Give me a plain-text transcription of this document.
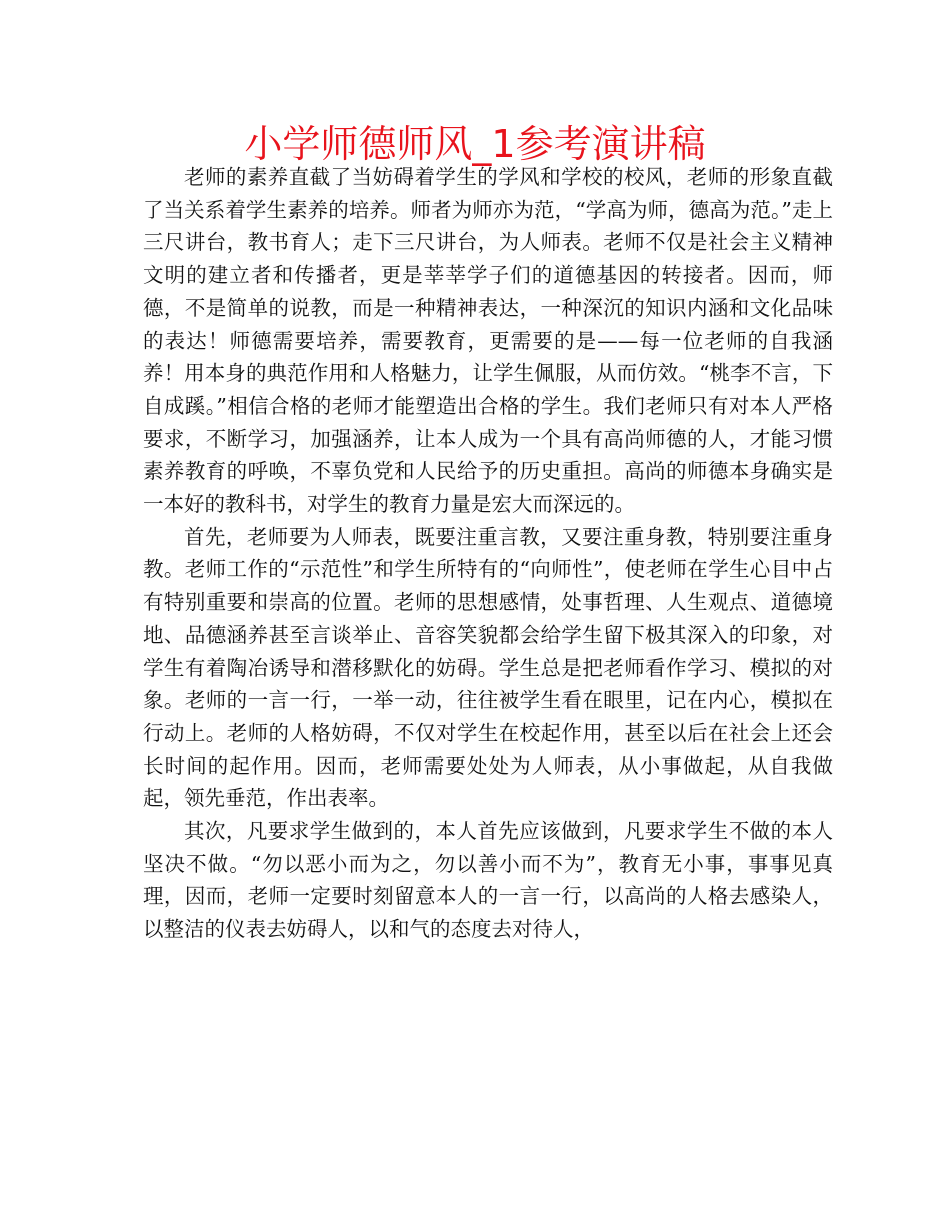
小学师德师风_1参考演讲稿

老师的素养直截了当妨碍着学生的学风和学校的校风，老师的形象直截了当关系着学生素养的培养。师者为师亦为范，“学高为师，德高为范。”走上三尺讲台，教书育人；走下三尺讲台，为人师表。老师不仅是社会主义精神文明的建立者和传播者，更是莘莘学子们的道德基因的转接者。因而，师德，不是简单的说教，而是一种精神表达，一种深沉的知识内涵和文化品味的表达！师德需要培养，需要教育，更需要的是——每一位老师的自我涵养！用本身的典范作用和人格魅力，让学生佩服，从而仿效。“桃李不言，下自成蹊。”相信合格的老师才能塑造出合格的学生。我们老师只有对本人严格要求，不断学习，加强涵养，让本人成为一个具有高尚师德的人，才能习惯素养教育的呼唤，不辜负党和人民给予的历史重担。高尚的师德本身确实是一本好的教科书，对学生的教育力量是宏大而深远的。

首先，老师要为人师表，既要注重言教，又要注重身教，特别要注重身教。老师工作的“示范性”和学生所特有的“向师性”，使老师在学生心目中占有特别重要和崇高的位置。老师的思想感情，处事哲理、人生观点、道德境地、品德涵养甚至言谈举止、音容笑貌都会给学生留下极其深入的印象，对学生有着陶冶诱导和潜移默化的妨碍。学生总是把老师看作学习、模拟的对象。老师的一言一行，一举一动，往往被学生看在眼里，记在内心，模拟在行动上。老师的人格妨碍，不仅对学生在校起作用，甚至以后在社会上还会长时间的起作用。因而，老师需要处处为人师表，从小事做起，从自我做起，领先垂范，作出表率。

其次，凡要求学生做到的，本人首先应该做到，凡要求学生不做的本人坚决不做。“勿以恶小而为之，勿以善小而不为”，教育无小事，事事见真理，因而，老师一定要时刻留意本人的一言一行，以高尚的人格去感染人，以整洁的仪表去妨碍人，以和气的态度去对待人，
